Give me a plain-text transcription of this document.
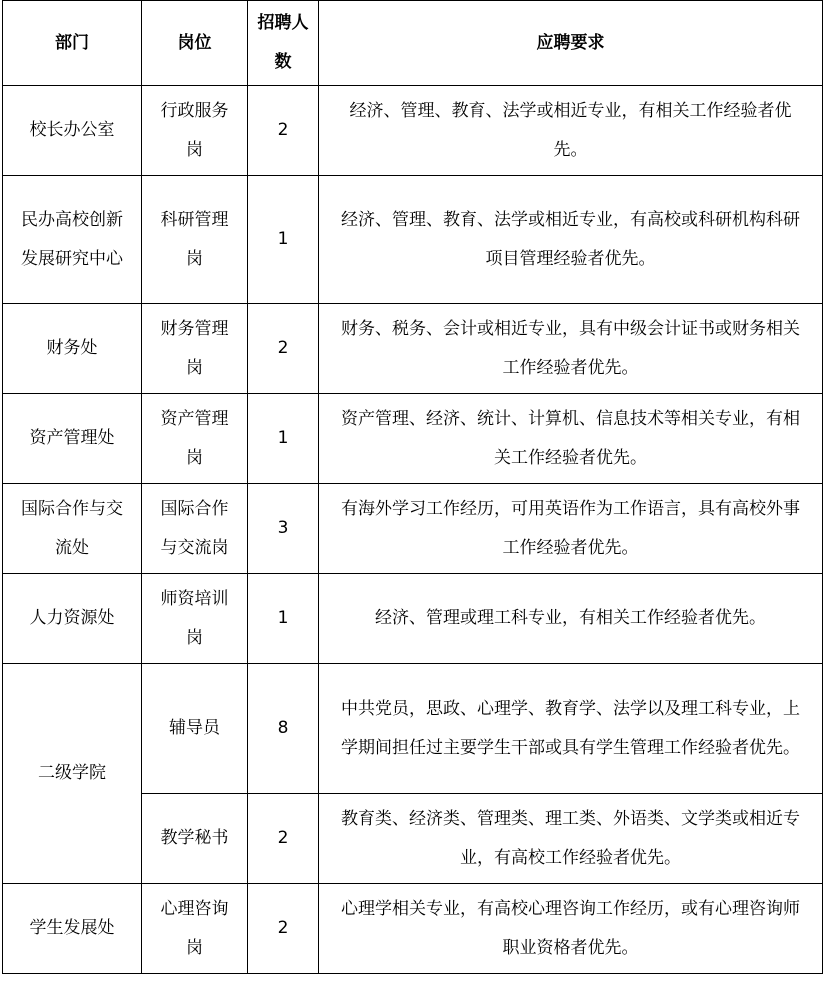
部门	岗位	招聘人数	应聘要求
校长办公室	行政服务岗	2	经济、管理、教育、法学或相近专业，有相关工作经验者优先。
民办高校创新发展研究中心	科研管理岗	1	经济、管理、教育、法学或相近专业，有高校或科研机构科研项目管理经验者优先。
财务处	财务管理岗	2	财务、税务、会计或相近专业，具有中级会计证书或财务相关工作经验者优先。
资产管理处	资产管理岗	1	资产管理、经济、统计、计算机、信息技术等相关专业，有相关工作经验者优先。
国际合作与交流处	国际合作与交流岗	3	有海外学习工作经历，可用英语作为工作语言，具有高校外事工作经验者优先。
人力资源处	师资培训岗	1	经济、管理或理工科专业，有相关工作经验者优先。
二级学院	辅导员	8	中共党员，思政、心理学、教育学、法学以及理工科专业，上学期间担任过主要学生干部或具有学生管理工作经验者优先。
	教学秘书	2	教育类、经济类、管理类、理工类、外语类、文学类或相近专业，有高校工作经验者优先。
学生发展处	心理咨询岗	2	心理学相关专业，有高校心理咨询工作经历，或有心理咨询师职业资格者优先。
